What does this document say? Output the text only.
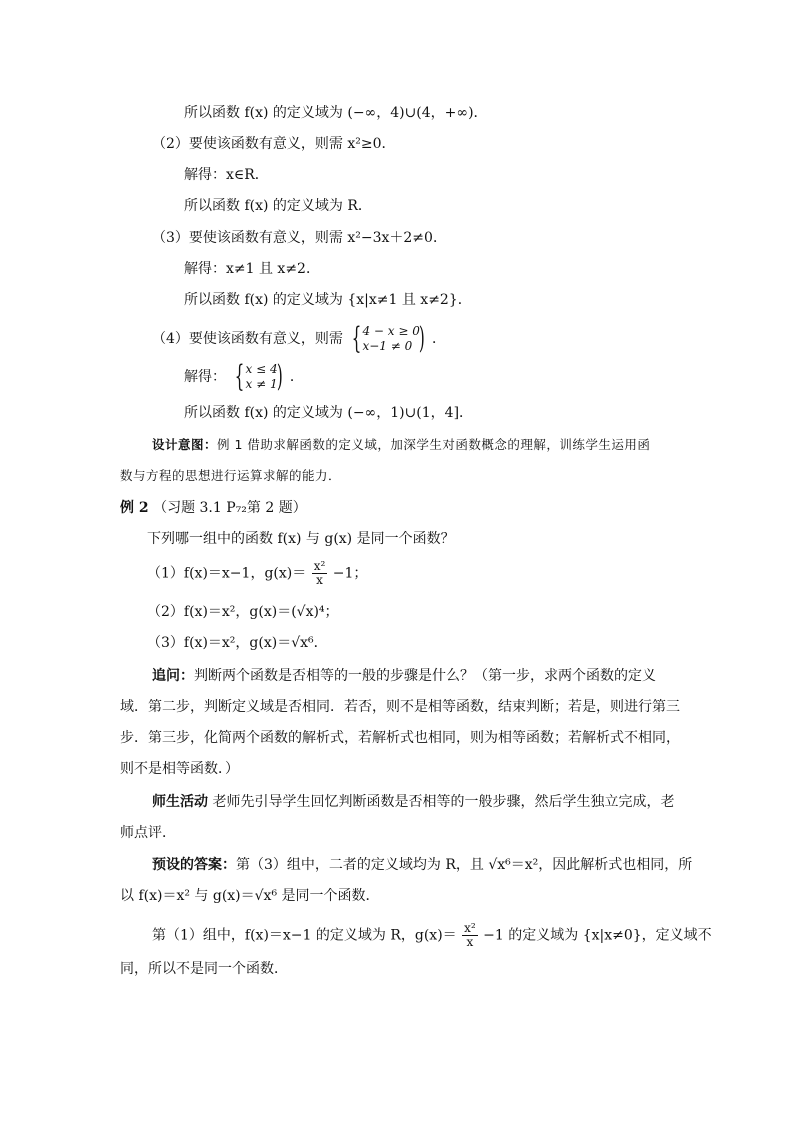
所以函数 f(x) 的定义域为 (−∞，4)∪(4，+∞)．
（2）要使该函数有意义，则需 x²≥0．
解得：x∈R．
所以函数 f(x) 的定义域为 R．
（3）要使该函数有意义，则需 x²−3x＋2≠0．
解得：x≠1 且 x≠2．
所以函数 f(x) 的定义域为 {x|x≠1 且 x≠2}．
（4）要使该函数有意义，则需 { 4 − x ≥ 0
x−1 ≠ 0 ) ．
解得： { x ≤ 4
x ≠ 1
) ．
所以函数 f(x) 的定义域为 (−∞，1)∪(1，4]．
设计意图：例 1 借助求解函数的定义域，加深学生对函数概念的理解，训练学生运用函
数与方程的思想进行运算求解的能力．
例 2 （习题 3.1 P₇₂第 2 题）
下列哪一组中的函数 f(x) 与 g(x) 是同一个函数？
（1）f(x)＝x−1，$g(x)= \frac{\text{x²}}{x} -1$；
（2）f(x)＝x²，g(x)＝(√x)⁴；
（3）f(x)＝x²，g(x)＝√x⁶．
追问：判断两个函数是否相等的一般的步骤是什么？（第一步，求两个函数的定义
域．第二步，判断定义域是否相同．若否，则不是相等函数，结束判断；若是，则进行第三
步．第三步，化简两个函数的解析式，若解析式也相同，则为相等函数；若解析式不相同，
则不是相等函数．）
师生活动 老师先引导学生回忆判断函数是否相等的一般步骤，然后学生独立完成，老
师点评．
预设的答案：第（3）组中，二者的定义域均为 R，且 √x⁶＝x²，因此解析式也相同，所
以 f(x)＝x² 与 g(x)＝√x⁶ 是同一个函数．
第（1）组中，f(x)＝x−1 的定义域为 R，$g(x)= \frac{\text{x²}}{x} -1$ 的定义域为 {x|x≠0}，定义域不
同，所以不是同一个函数．
